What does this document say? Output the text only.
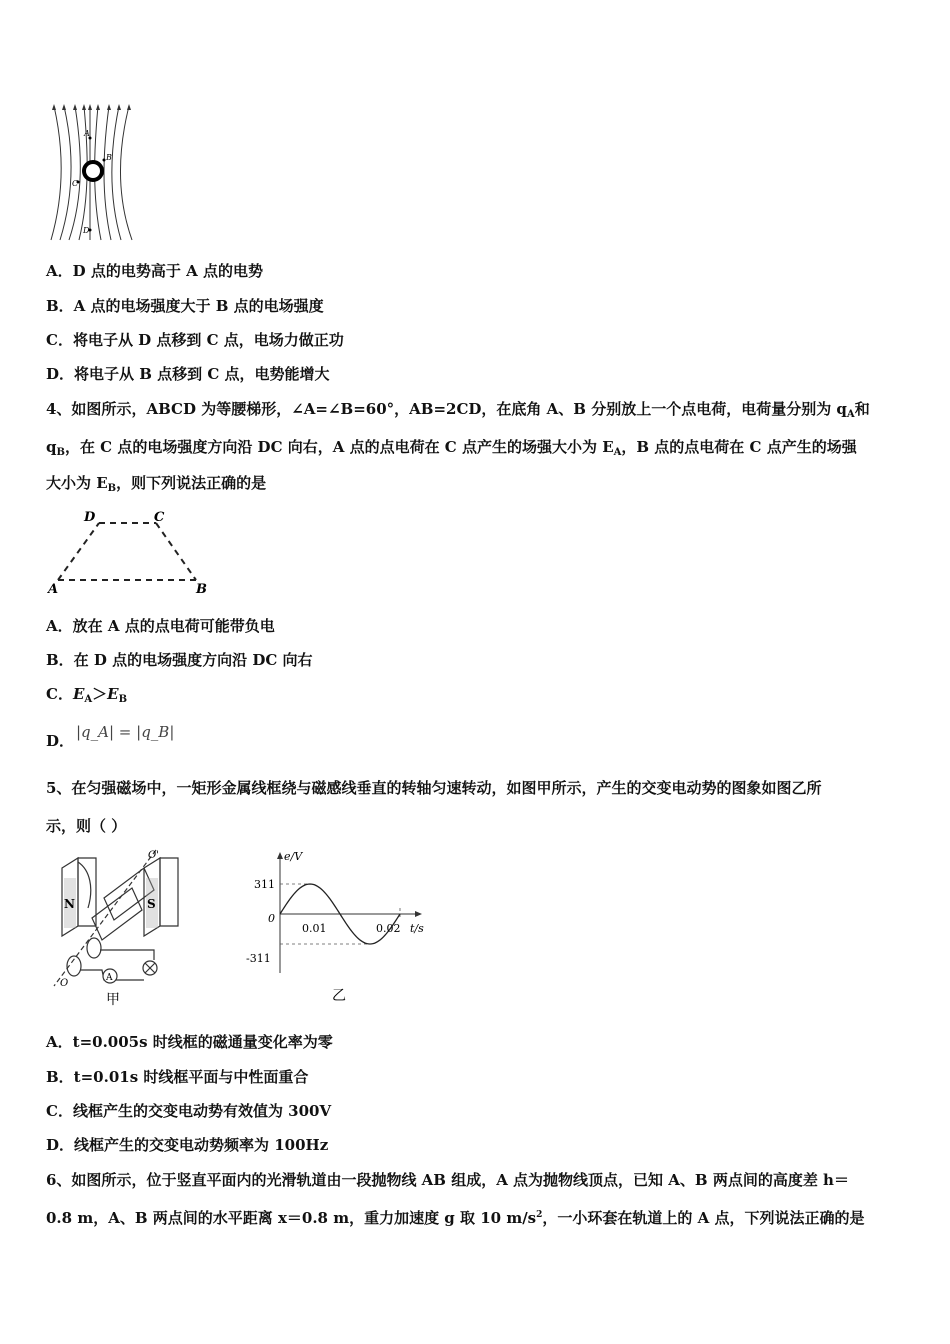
A
B
C
D
A．D 点的电势高于 A 点的电势
B．A 点的电场强度大于 B 点的电场强度
C．将电子从 D 点移到 C 点，电场力做正功
D．将电子从 B 点移到 C 点，电势能增大
4、如图所示，ABCD 为等腰梯形，∠A=∠B=60°，AB=2CD，在底角 A、B 分别放上一个点电荷，电荷量分别为 $q_A$和
$q_B$，在 C 点的电场强度方向沿 DC 向右，A 点的点电荷在 C 点产生的场强大小为 $E_A$，B 点的点电荷在 C 点产生的场强
大小为 $E_B$，则下列说法正确的是
D	C
A	B
A．放在 A 点的点电荷可能带负电
B．在 D 点的电场强度方向沿 DC 向右
C．$E_A>E_B$
D． |q_A| = |q_B|
5、在匀强磁场中，一矩形金属线框绕与磁感线垂直的转轴匀速转动，如图甲所示，产生的交变电动势的图象如图乙所
示，则（ ）
N	S
O'
O	A
甲
e/V
t/s
311
0
-311
0.01	0.02
乙
A．t=0.005s 时线框的磁通量变化率为零
B．t=0.01s 时线框平面与中性面重合
C．线框产生的交变电动势有效值为 300V
D．线框产生的交变电动势频率为 100Hz
6、如图所示，位于竖直平面内的光滑轨道由一段抛物线 AB 组成，A 点为抛物线顶点，已知 A、B 两点间的高度差 h＝
0.8 m，A、B 两点间的水平距离 x＝0.8 m，重力加速度 g 取 10 $m/s^2$，一小环套在轨道上的 A 点，下列说法正确的是
